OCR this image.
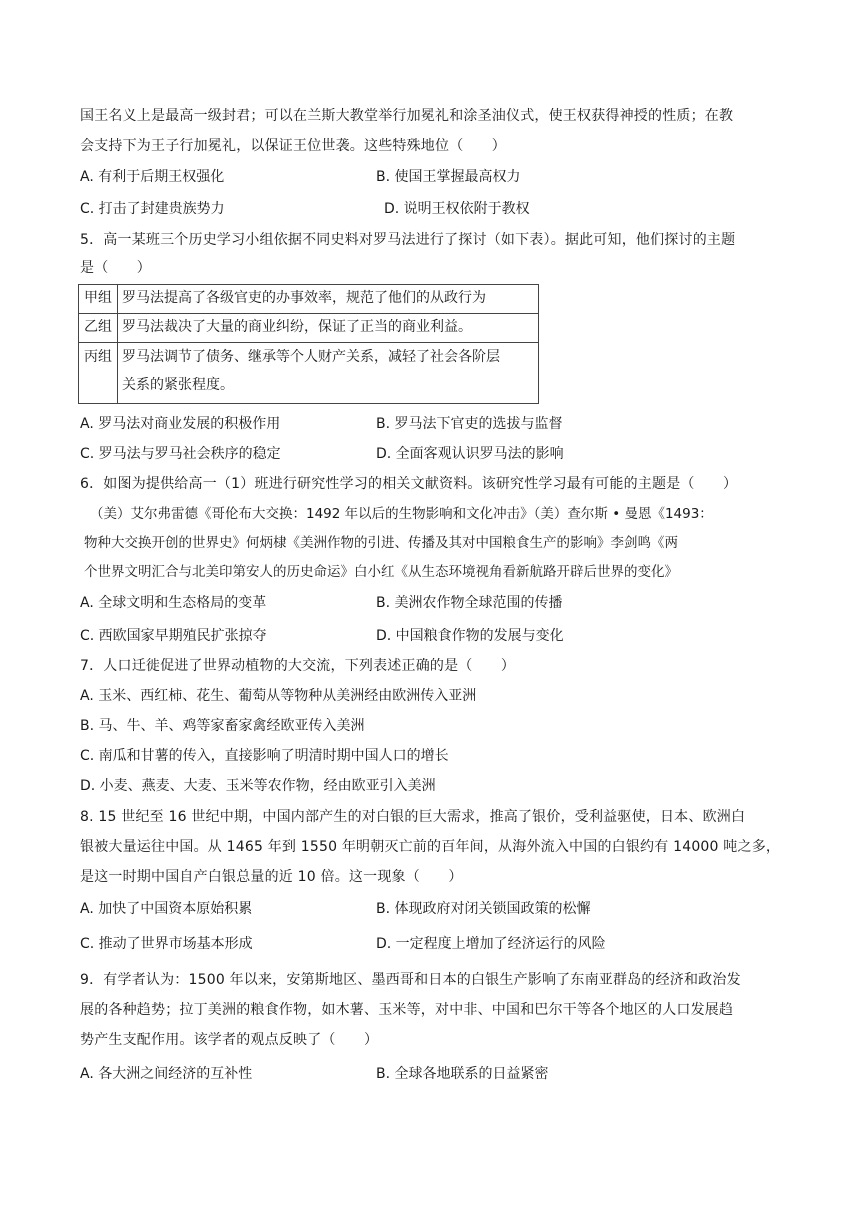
国王名义上是最高一级封君；可以在兰斯大教堂举行加冕礼和涂圣油仪式，使王权获得神授的性质；在教
会支持下为王子行加冕礼，以保证王位世袭。这些特殊地位（　　）
A. 有利于后期王权强化	B. 使国王掌握最高权力
C. 打击了封建贵族势力	D. 说明王权依附于教权
5．高一某班三个历史学习小组依据不同史料对罗马法进行了探讨（如下表）。据此可知，他们探讨的主题
是（　　）
甲组	罗马法提高了各级官吏的办事效率，规范了他们的从政行为
乙组	罗马法裁决了大量的商业纠纷，保证了正当的商业利益。
丙组	罗马法调节了债务、继承等个人财产关系，减轻了社会各阶层
关系的紧张程度。
A. 罗马法对商业发展的积极作用	B. 罗马法下官吏的选拔与监督
C. 罗马法与罗马社会秩序的稳定	D. 全面客观认识罗马法的影响
6．如图为提供给高一（1）班进行研究性学习的相关文献资料。该研究性学习最有可能的主题是（　　）
（美）艾尔弗雷德《哥伦布大交换：1492 年以后的生物影响和文化冲击》（美）查尔斯 • 曼恩《1493：
物种大交换开创的世界史》何炳棣《美洲作物的引进、传播及其对中国粮食生产的影响》李剑鸣《两
个世界文明汇合与北美印第安人的历史命运》白小红《从生态环境视角看新航路开辟后世界的变化》
A. 全球文明和生态格局的变革	B. 美洲农作物全球范围的传播
C. 西欧国家早期殖民扩张掠夺	D. 中国粮食作物的发展与变化
7．人口迁徙促进了世界动植物的大交流，下列表述正确的是（　　）
A. 玉米、西红柿、花生、葡萄从等物种从美洲经由欧洲传入亚洲
B. 马、牛、羊、鸡等家畜家禽经欧亚传入美洲
C. 南瓜和甘薯的传入，直接影响了明清时期中国人口的增长
D. 小麦、燕麦、大麦、玉米等农作物，经由欧亚引入美洲
8. 15 世纪至 16 世纪中期，中国内部产生的对白银的巨大需求，推高了银价，受利益驱使，日本、欧洲白
银被大量运往中国。从 1465 年到 1550 年明朝灭亡前的百年间，从海外流入中国的白银约有 14000 吨之多，
是这一时期中国自产白银总量的近 10 倍。这一现象（　　）
A. 加快了中国资本原始积累	B. 体现政府对闭关锁国政策的松懈
C. 推动了世界市场基本形成	D. 一定程度上增加了经济运行的风险
9．有学者认为：1500 年以来，安第斯地区、墨西哥和日本的白银生产影响了东南亚群岛的经济和政治发
展的各种趋势；拉丁美洲的粮食作物，如木薯、玉米等，对中非、中国和巴尔干等各个地区的人口发展趋
势产生支配作用。该学者的观点反映了（　　）
A. 各大洲之间经济的互补性	B. 全球各地联系的日益紧密
